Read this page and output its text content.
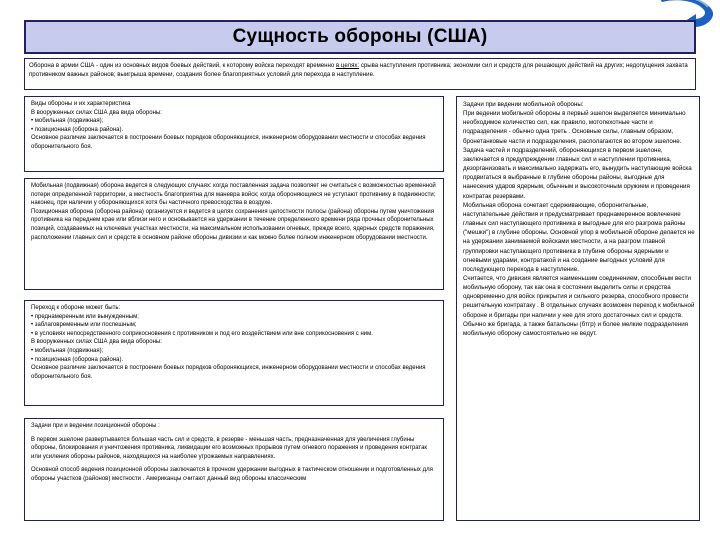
Сущность обороны (США)

Оборона в армии США - один из основных видов боевых действий, к которому войска переходят временно в целях: срыва наступления противника; экономии сил и средств для решающих действий на других; недопущения захвата противником важных районов; выигрыша времени, создания более благоприятных условий для перехода в наступление.

Виды обороны и их характеристика

В вооруженных силах США два вида обороны:

• мобильная (подвижная);

• позиционная (оборона района).

Основное различие заключается в построении боевых порядков обороняющихся, инженерном оборудовании местности и способах ведения оборонительного боя.

Мобильная (подвижная) оборона ведется в следующих случаях: когда поставленная задача позволяет не считаться с возможностью временной потери определенной территории, а местность благоприятна для маневра войск; когда обороняющиеся не уступают противнику в подвижности; наконец, при наличии у обороняющихся хотя бы частичного превосходства в воздухе.

Позиционная оборона (оборона района) организуется и ведется в целях сохранения целостности полосы (района) обороны путем уничтожения противника на переднем крае или вблизи него и основывается на удержании в течение определенного времени ряда прочных оборонительных позиций, создаваемых на ключевых участках местности, на максимальном использовании огневых, прежде всего, ядерных средств поражения, расположении главных сил и средств в основном районе обороны дивизии и как можно более полном инженерном оборудовании местности.

Переход к обороне может быть:

• преднамеренным или вынужденным;

• заблаговременным или поспешным;

• в условиях непосредственного соприкосновения с противником и под его воздействием или вне соприкосновения с ним.

В вооруженных силах США два вида обороны:

• мобильная (подвижная);

• позиционная (оборона района).

Основное различие заключается в построении боевых порядков обороняющихся, инженерном оборудовании местности и способах ведения оборонительного боя.

Задачи при и ведении позиционной обороны :

В первом эшелоне развертывается большая часть сил и средств, в резерве - меньшая часть, предназначенная для увеличения глубины обороны, блокирования и уничтожения противника, ликвидации его возможных прорывов путем огневого поражения и проведения контратак или усиления обороны районов, находящихся на наиболее угрожаемых направлениях.

Основной способ ведения позиционной обороны заключается в прочном удержании выгодных в тактическом отношении и подготовленных для обороны участков (районов) местности . Американцы считают данный вид обороны классическим

Задачи при ведении мобильной обороны:

При ведении мобильной обороны в первый эшелон выделяется минимально необходимое количество сил, как правило, мотопехотные части и подразделения - обычно одна треть . Основные силы, главным образом, бронетанковые части и подразделения, располагаются во втором эшелоне. Задача частей и подразделений, обороняющихся в первом эшелоне, заключается в предупреждении главных сил и наступлении противника, дезорганизовать и максимально задержать его, вынудить наступающие войска продвигаться в выбранные в глубине обороны районы, выгодные для нанесения ударов ядерным, обычным и высокоточным оружием и проведения контратак резервами.

Мобильная оборона сочетает сдерживающие, оборонительные, наступательные действия и предусматривает преднамеренное вовлечение главных сил наступающего противника в выгодные для его разгрома районы ("мешки") в глубине обороны. Основной упор в мобильной обороне делается не на удержании занимаемой войсками местности, а на разгром главной группировки наступающего противника в глубине обороны ядерными и огневыми ударами, контратакой и на создание выгодных условий для последующего перехода в наступление.

Считается, что дивизия является наименьшим соединением, способным вести мобильную оборону, так как она в состоянии выделить силы и средства одновременно для войск прикрытия и сильного резерва, способного провести решительную контратаку . В отдельных случаях возможен переход к мобильной обороне и бригады при наличии у нее для этого достаточных сил и средств. Обычно же бригада, а также батальоны (бтгр) и более мелкие подразделения мобильную оборону самостоятельно не ведут.
